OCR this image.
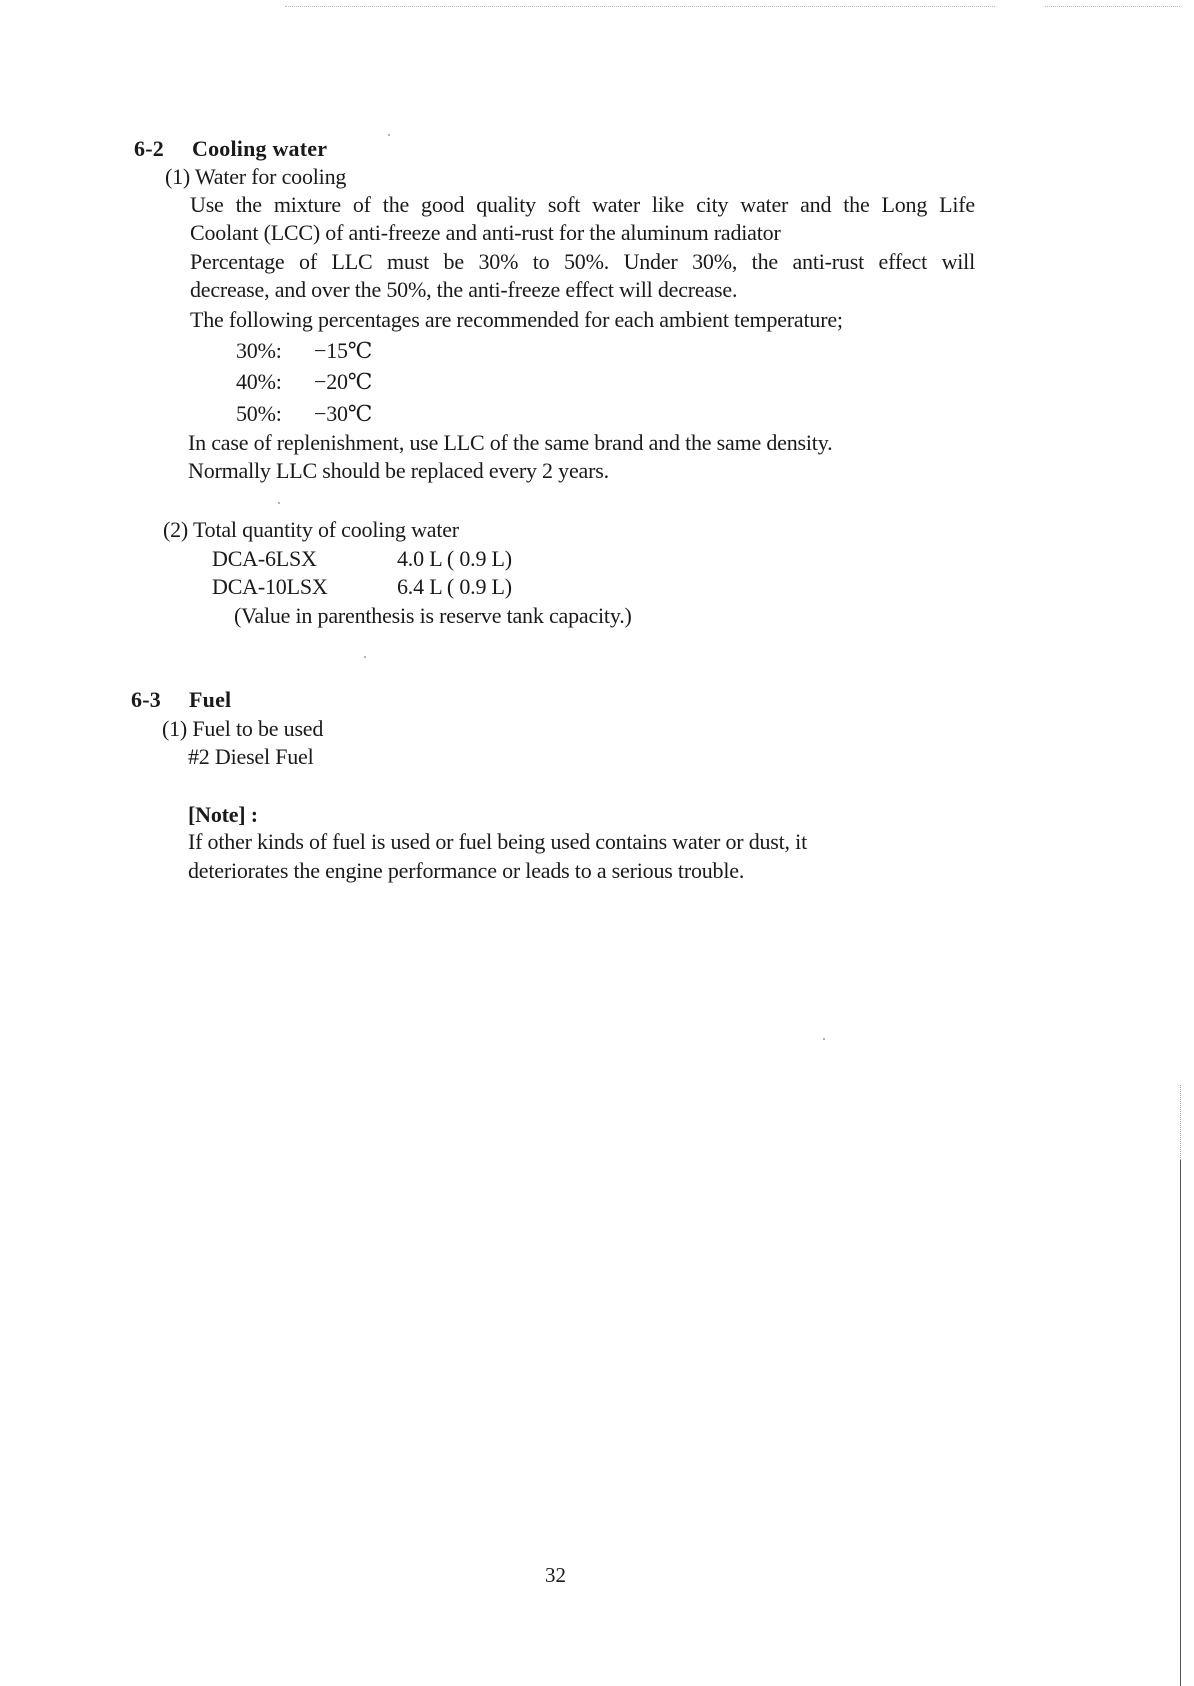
6-2 Cooling water
(1) Water for cooling
Use the mixture of the good quality soft water like city water and the Long Life
Coolant (LCC) of anti-freeze and anti-rust for the aluminum radiator
Percentage of LLC must be 30% to 50%. Under 30%, the anti-rust effect will
decrease, and over the 50%, the anti-freeze effect will decrease.
The following percentages are recommended for each ambient temperature;
30%: −15℃
40%: −20℃
50%: −30℃
In case of replenishment, use LLC of the same brand and the same density.
Normally LLC should be replaced every 2 years.
(2) Total quantity of cooling water
DCA-6LSX	4.0 L ( 0.9 L)
DCA-10LSX	6.4 L ( 0.9 L)
(Value in parenthesis is reserve tank capacity.)
6-3 Fuel
(1) Fuel to be used
#2 Diesel Fuel
[Note] :
If other kinds of fuel is used or fuel being used contains water or dust, it
deteriorates the engine performance or leads to a serious trouble.
32
